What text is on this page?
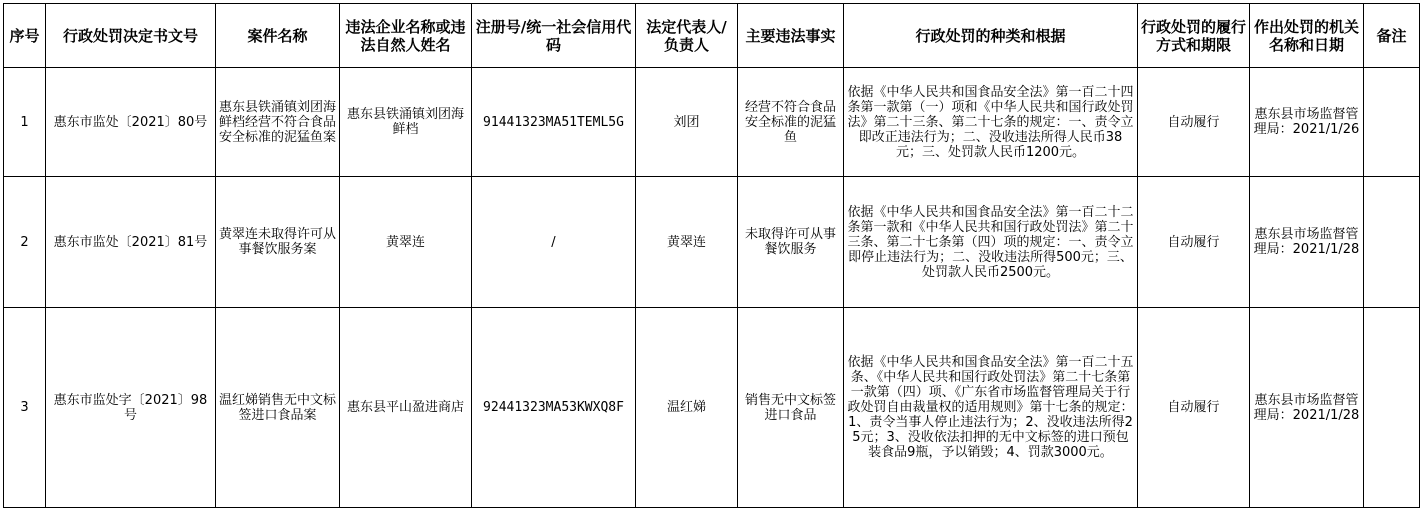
序号	行政处罚决定书文号	案件名称	违法企业名称或违法自然人姓名	注册号/统一社会信用代码	法定代表人/负责人	主要违法事实	行政处罚的种类和根据	行政处罚的履行方式和期限	作出处罚的机关名称和日期	备注
1	惠东市监处〔2021〕80号	惠东县铁涌镇刘团海鲜档经营不符合食品安全标准的泥猛鱼案	惠东县铁涌镇刘团海鲜档	91441323MA51TEML5G	刘团	经营不符合食品安全标准的泥猛鱼	依据《中华人民共和国食品安全法》第一百二十四条第一款第（一）项和《中华人民共和国行政处罚法》第二十三条、第二十七条的规定：一、责令立即改正违法行为；二、没收违法所得人民币38元；三、处罚款人民币1200元。	自动履行	惠东县市场监督管理局：2021/1/26	
2	惠东市监处〔2021〕81号	黄翠连未取得许可从事餐饮服务案	黄翠连	/	黄翠连	未取得许可从事餐饮服务	依据《中华人民共和国食品安全法》第一百二十二条第一款和《中华人民共和国行政处罚法》第二十三条、第二十七条第（四）项的规定：一、责令立即停止违法行为；二、没收违法所得500元；三、处罚款人民币2500元。	自动履行	惠东县市场监督管理局：2021/1/28	
3	惠东市监处字〔2021〕98号	温红娣销售无中文标签进口食品案	惠东县平山盈进商店	92441323MA53KWXQ8F	温红娣	销售无中文标签进口食品	依据《中华人民共和国食品安全法》第一百二十五条、《中华人民共和国行政处罚法》第二十七条第一款第（四）项、《广东省市场监督管理局关于行政处罚自由裁量权的适用规则》第十七条的规定：1、责令当事人停止违法行为；2、没收违法所得25元；3、没收依法扣押的无中文标签的进口预包装食品9瓶，予以销毁；4、罚款3000元。	自动履行	惠东县市场监督管理局：2021/1/28	
